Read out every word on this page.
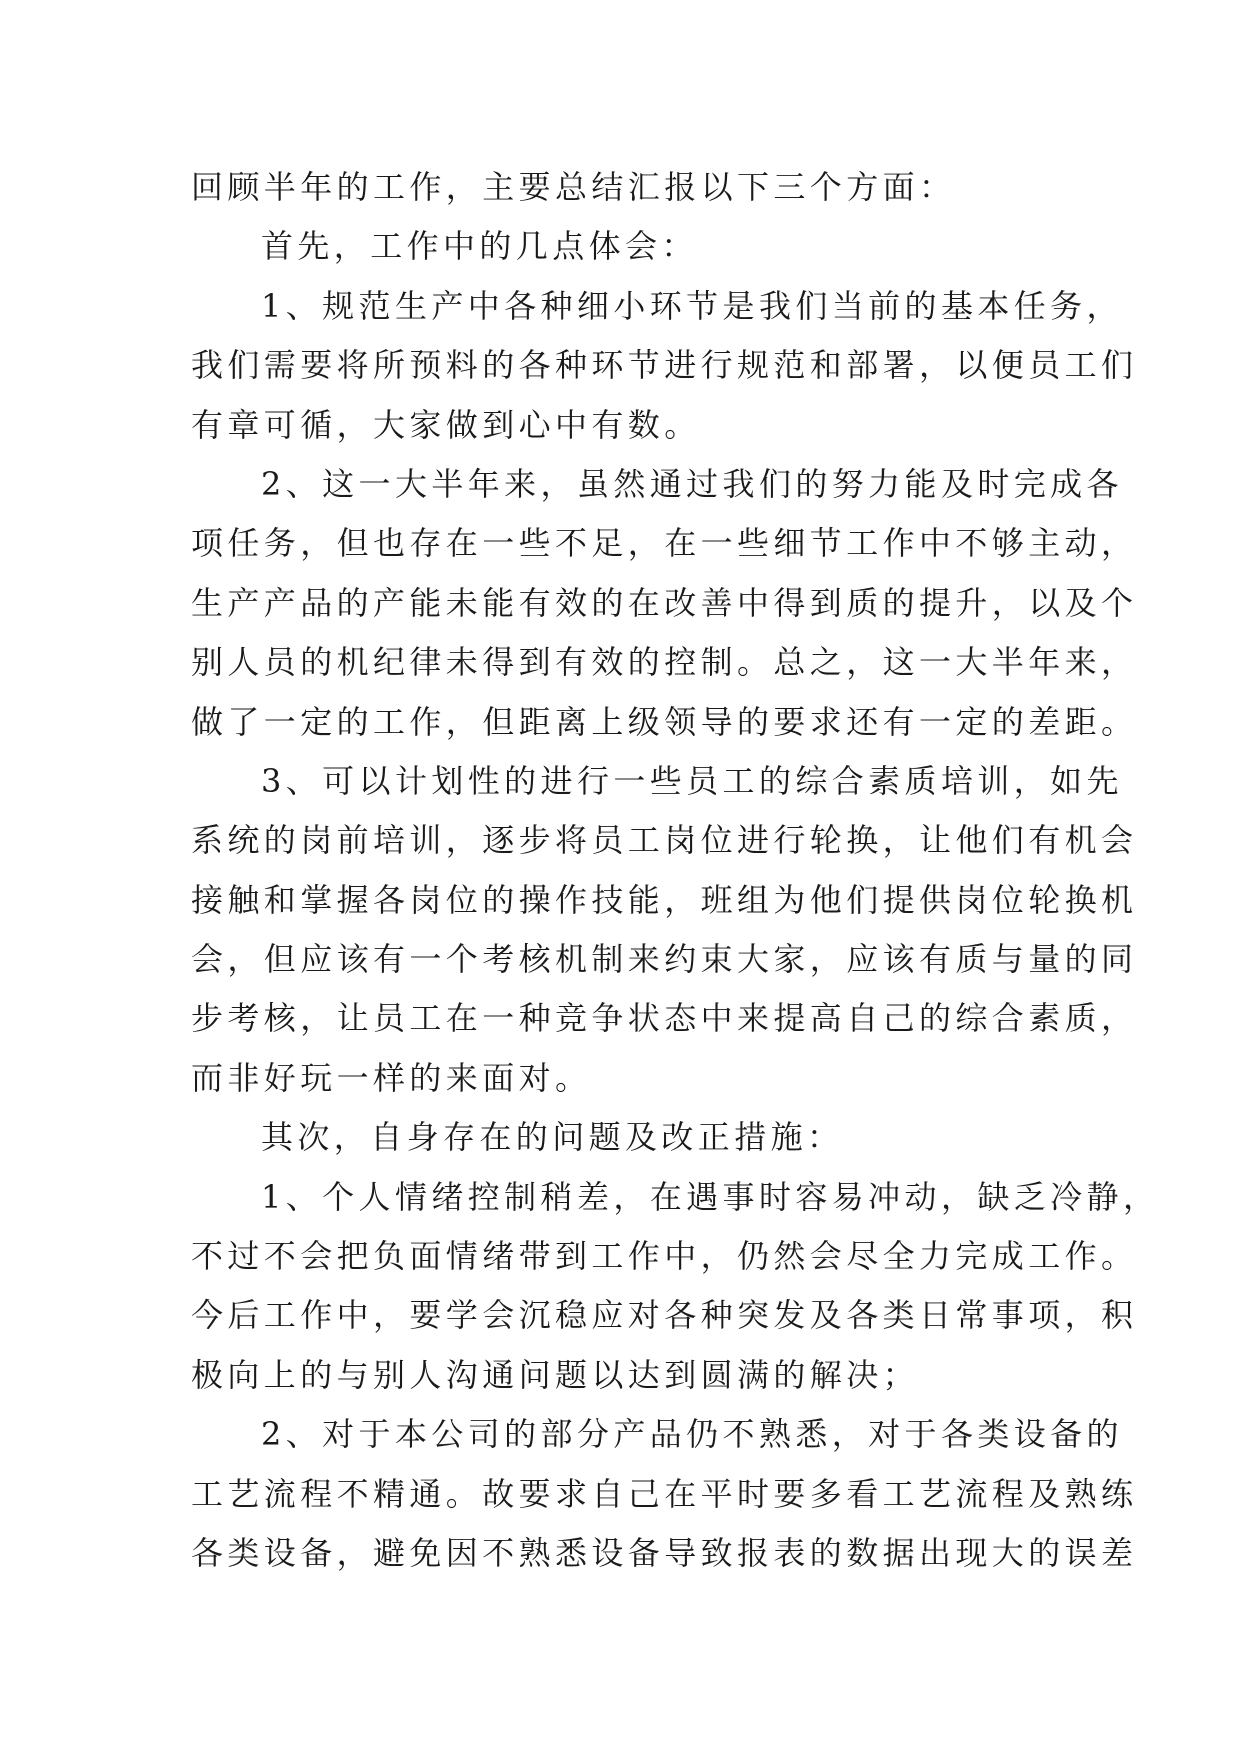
回顾半年的工作，主要总结汇报以下三个方面：
首先，工作中的几点体会：
1、规范生产中各种细小环节是我们当前的基本任务，
我们需要将所预料的各种环节进行规范和部署，以便员工们
有章可循，大家做到心中有数。
2、这一大半年来，虽然通过我们的努力能及时完成各
项任务，但也存在一些不足，在一些细节工作中不够主动，
生产产品的产能未能有效的在改善中得到质的提升，以及个
别人员的机纪律未得到有效的控制。总之，这一大半年来，
做了一定的工作，但距离上级领导的要求还有一定的差距。
3、可以计划性的进行一些员工的综合素质培训，如先
系统的岗前培训，逐步将员工岗位进行轮换，让他们有机会
接触和掌握各岗位的操作技能，班组为他们提供岗位轮换机
会，但应该有一个考核机制来约束大家，应该有质与量的同
步考核，让员工在一种竞争状态中来提高自己的综合素质，
而非好玩一样的来面对。
其次，自身存在的问题及改正措施：
1、个人情绪控制稍差，在遇事时容易冲动，缺乏冷静，
不过不会把负面情绪带到工作中，仍然会尽全力完成工作。
今后工作中，要学会沉稳应对各种突发及各类日常事项，积
极向上的与别人沟通问题以达到圆满的解决；
2、对于本公司的部分产品仍不熟悉，对于各类设备的
工艺流程不精通。故要求自己在平时要多看工艺流程及熟练
各类设备，避免因不熟悉设备导致报表的数据出现大的误差
